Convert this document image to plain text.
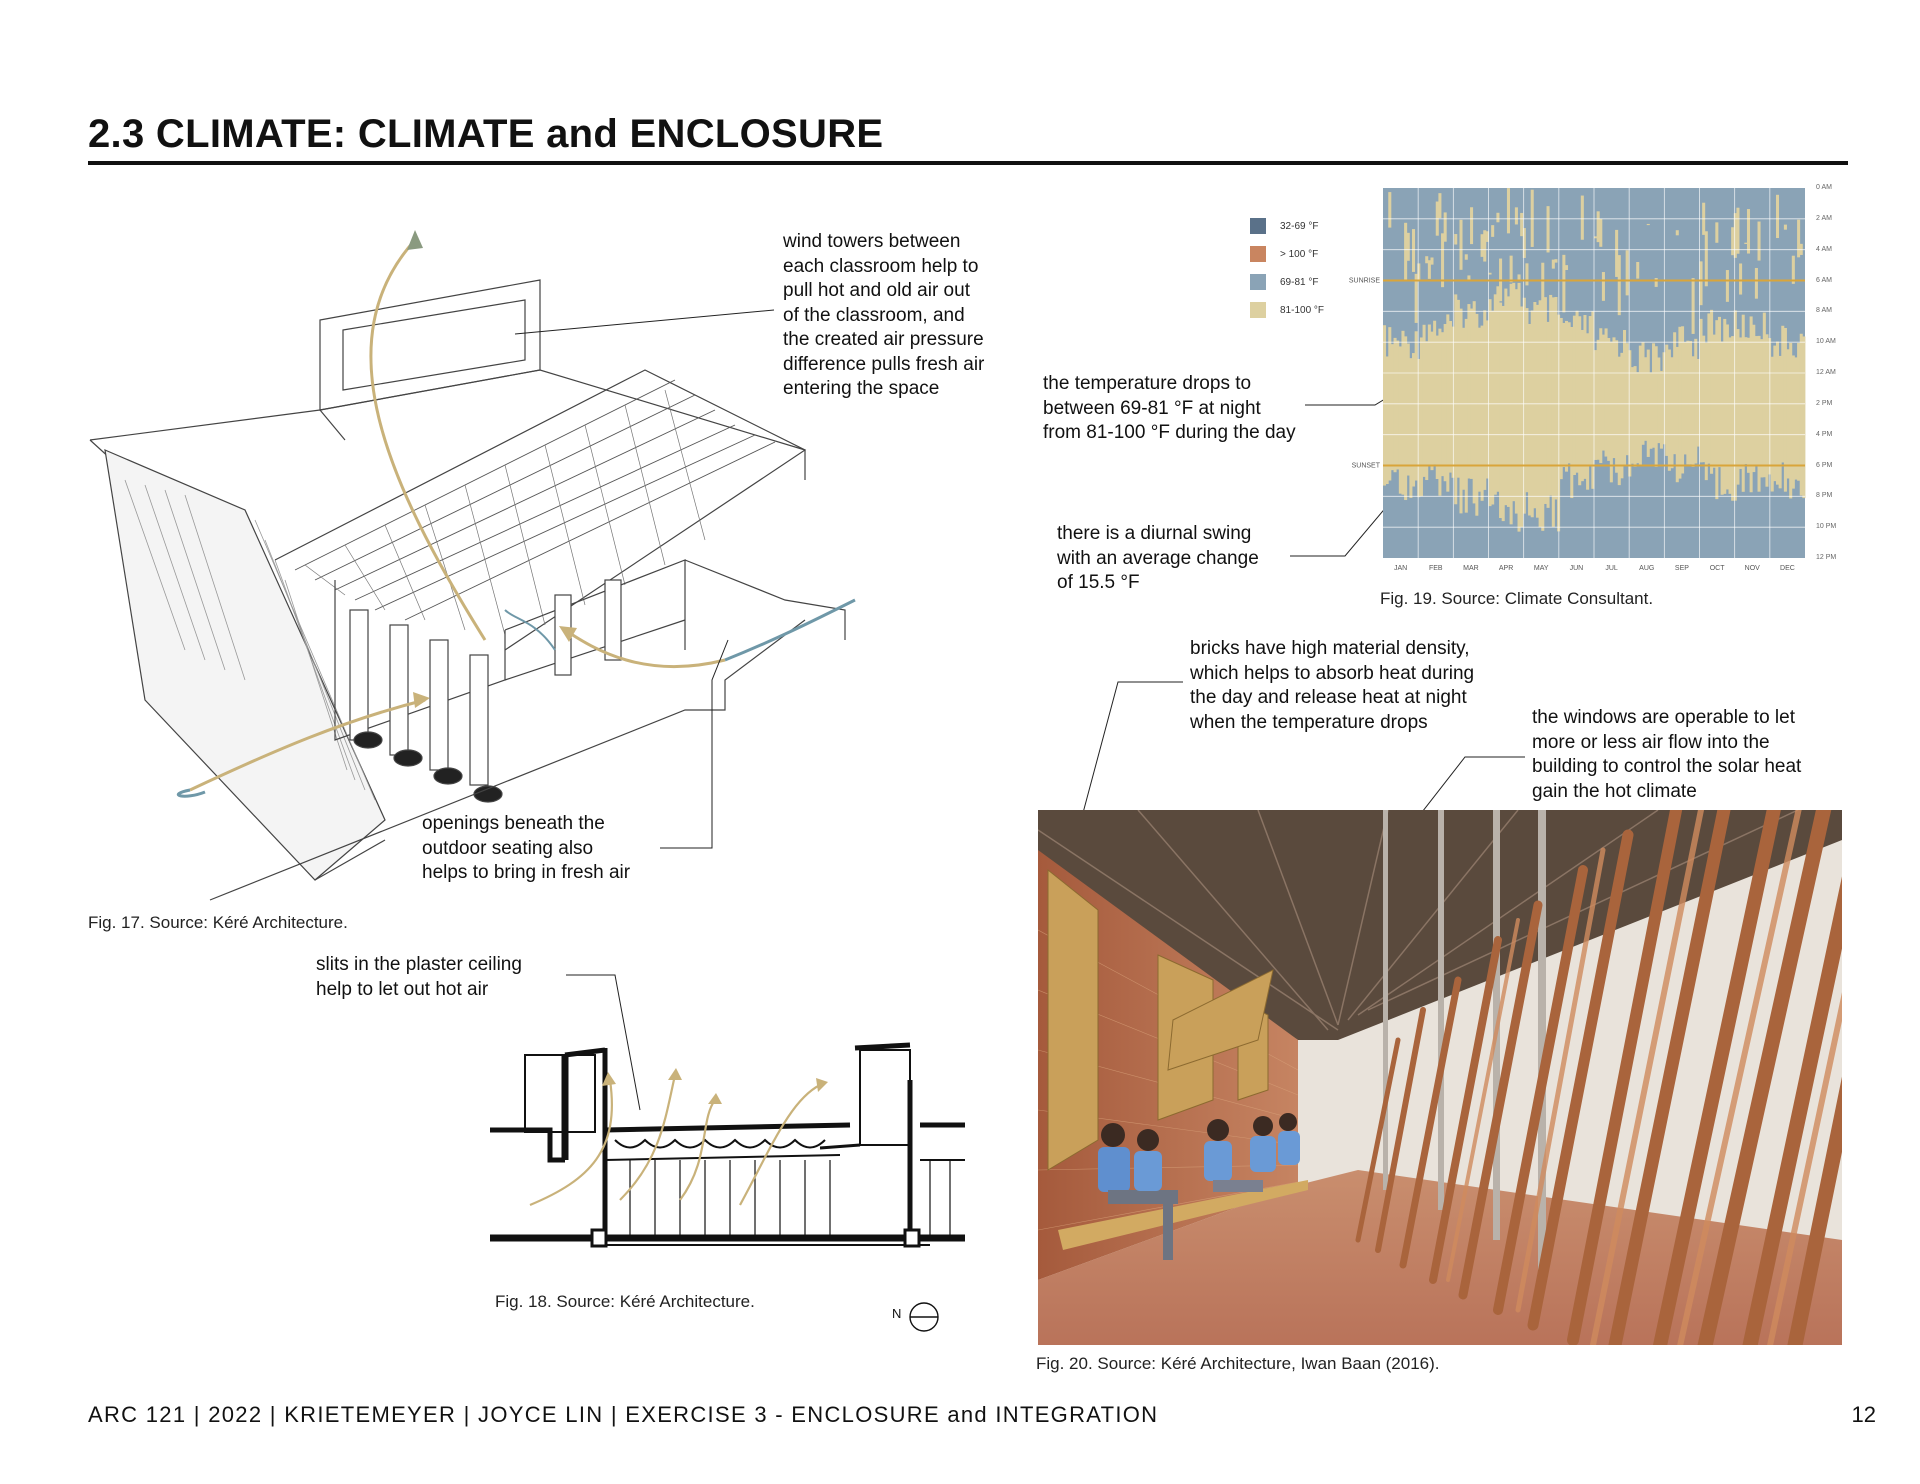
2.3 CLIMATE: CLIMATE and ENCLOSURE
wind towers between
each classroom help to
pull hot and old air out
of the classroom, and
the created air pressure
difference pulls fresh air
entering the space
openings beneath the
outdoor seating also
helps to bring in fresh air
Fig. 17. Source: Kéré Architecture.
slits in the plaster ceiling
help to let out hot air
Fig. 18. Source: Kéré Architecture.
N
32-69 °F
> 100 °F
69-81 °F
81-100 °F
SUNRISE
SUNSET
JAN	FEB	MAR	APR	MAY	JUN	JUL	AUG	SEP	OCT	NOV	DEC
0 AM
2 AM
4 AM
6 AM
8 AM
10 AM
12 AM
2 PM
4 PM
6 PM
8 PM
10 PM
12 PM
the temperature drops to
between 69-81 °F at night
from 81-100 °F during the day
there is a diurnal swing
with an average change
of 15.5 °F
Fig. 19. Source: Climate Consultant.
bricks have high material density,
which helps to absorb heat during
the day and release heat at night
when the temperature drops	the windows are operable to let
more or less air flow into the
building to control the solar heat
gain the hot climate
Fig. 20. Source: Kéré Architecture, Iwan Baan (2016).
ARC 121 | 2022 | KRIETEMEYER | JOYCE LIN | EXERCISE 3 - ENCLOSURE and INTEGRATION	12
